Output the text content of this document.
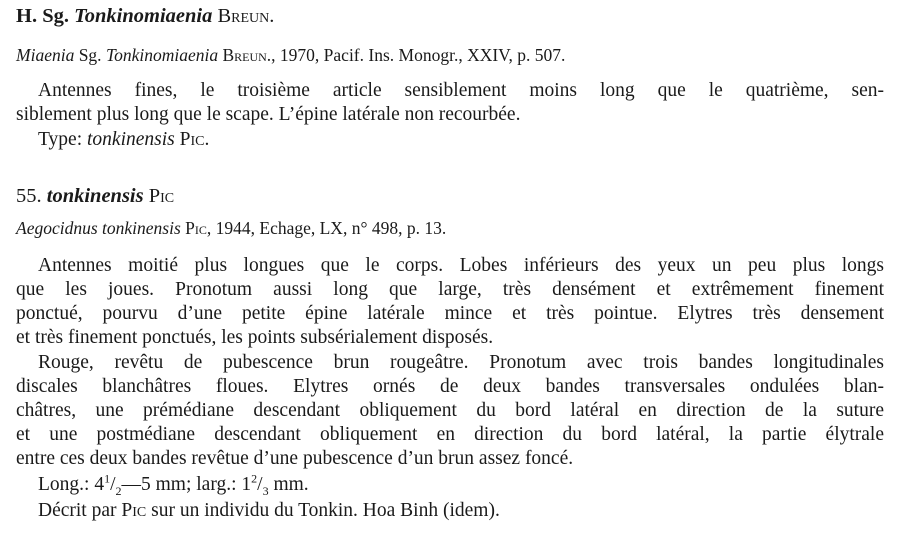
H. Sg. Tonkinomiaenia Breun.
Miaenia Sg. Tonkinomiaenia Breun., 1970, Pacif. Ins. Monogr., XXIV, p. 507.
Antennes fines, le troisième article sensiblement moins long que le quatrième, sen-
siblement plus long que le scape. L’épine latérale non recourbée.
Type: tonkinensis Pic.
55. tonkinensis Pic
Aegocidnus tonkinensis Pic, 1944, Echage, LX, n° 498, p. 13.
Antennes moitié plus longues que le corps. Lobes inférieurs des yeux un peu plus longs
que les joues. Pronotum aussi long que large, très densément et extrêmement finement
ponctué, pourvu d’une petite épine latérale mince et très pointue. Elytres très densement
et très finement ponctués, les points subsérialement disposés.
Rouge, revêtu de pubescence brun rougeâtre. Pronotum avec trois bandes longitudinales
discales blanchâtres floues. Elytres ornés de deux bandes transversales ondulées blan-
châtres, une prémédiane descendant obliquement du bord latéral en direction de la suture
et une postmédiane descendant obliquement en direction du bord latéral, la partie élytrale
entre ces deux bandes revêtue d’une pubescence d’un brun assez foncé.
Long.: $4^1/_2—5$ mm; larg.: $1^2/_3$ mm.
Décrit par Pic sur un individu du Tonkin. Hoa Binh (idem).
